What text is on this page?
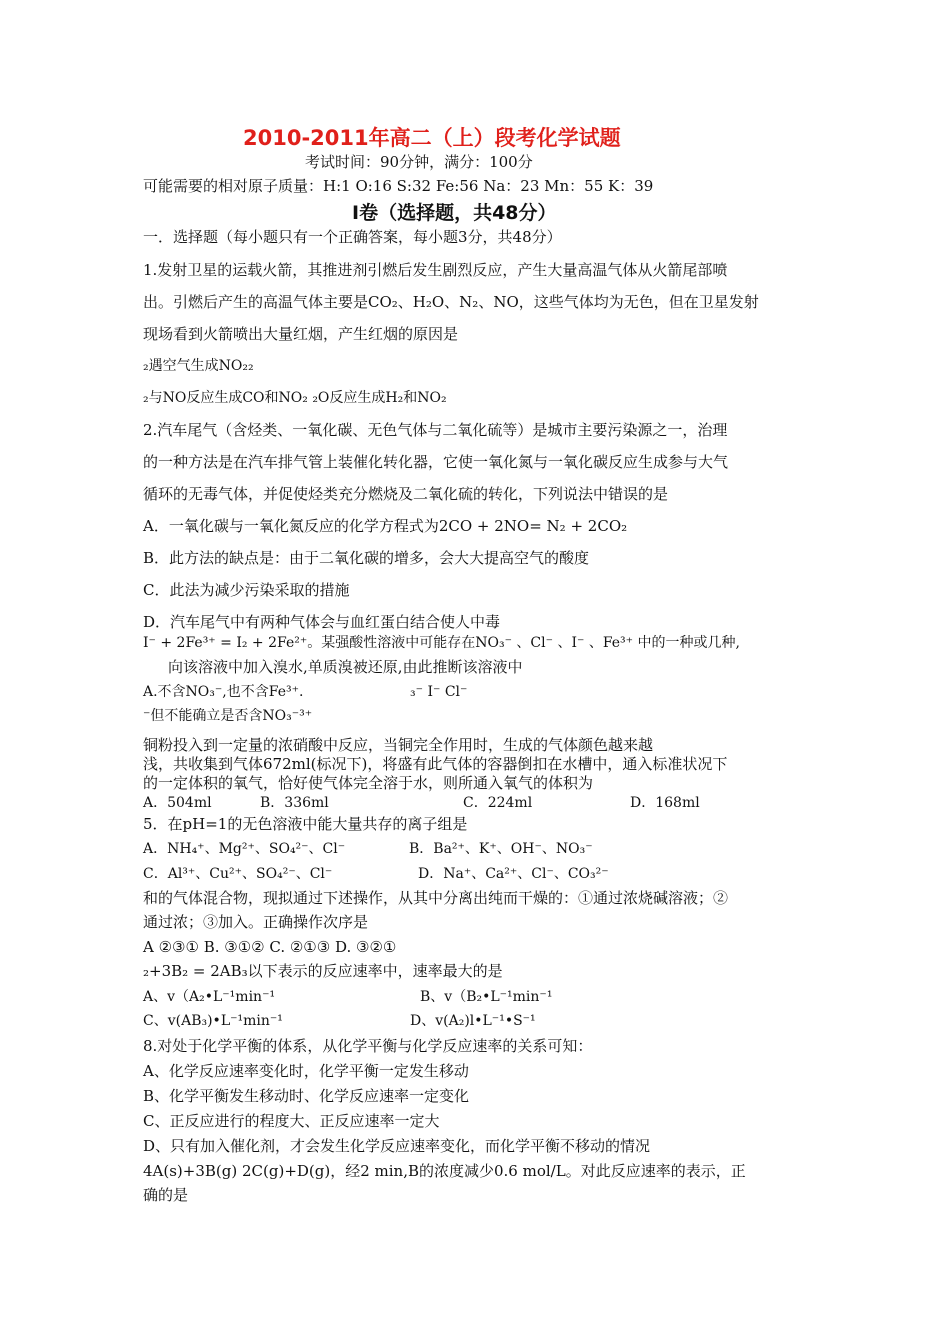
2010-2011年高二（上）段考化学试题
考试时间：90分钟，满分：100分
可能需要的相对原子质量：H:1 O:16 S:32 Fe:56 Na：23 Mn：55 K：39
Ⅰ卷（选择题，共48分）
一．选择题（每小题只有一个正确答案，每小题3分，共48分）
1.发射卫星的运载火箭，其推进剂引燃后发生剧烈反应，产生大量高温气体从火箭尾部喷
出。引燃后产生的高温气体主要是CO₂、H₂O、N₂、NO，这些气体均为无色，但在卫星发射
现场看到火箭喷出大量红烟，产生红烟的原因是
₂遇空气生成NO₂₂
₂与NO反应生成CO和NO₂ ₂O反应生成H₂和NO₂
2.汽车尾气（含烃类、一氧化碳、无色气体与二氧化硫等）是城市主要污染源之一，治理
的一种方法是在汽车排气管上装催化转化器，它使一氧化氮与一氧化碳反应生成参与大气
循环的无毒气体，并促使烃类充分燃烧及二氧化硫的转化，下列说法中错误的是
A．一氧化碳与一氧化氮反应的化学方程式为2CO + 2NO= N₂ + 2CO₂
B．此方法的缺点是：由于二氧化碳的增多，会大大提高空气的酸度
C．此法为减少污染采取的措施
D．汽车尾气中有两种气体会与血红蛋白结合使人中毒
I⁻ + 2Fe³⁺ = I₂ + 2Fe²⁺。某强酸性溶液中可能存在NO₃⁻ 、Cl⁻ 、I⁻ 、Fe³⁺ 中的一种或几种,
向该溶液中加入溴水,单质溴被还原,由此推断该溶液中
A.不含NO₃⁻,也不含Fe³⁺.	₃⁻ I⁻ Cl⁻
⁻但不能确立是否含NO₃⁻³⁺
铜粉投入到一定量的浓硝酸中反应，当铜完全作用时，生成的气体颜色越来越
浅，共收集到气体672ml(标况下)，将盛有此气体的容器倒扣在水槽中，通入标准状况下
的一定体积的氧气，恰好使气体完全溶于水，则所通入氧气的体积为
A．504ml	B．336ml	C．224ml	D．168ml
5．在pH=1的无色溶液中能大量共存的离子组是
A．NH₄⁺、Mg²⁺、SO₄²⁻、Cl⁻	B．Ba²⁺、K⁺、OH⁻、NO₃⁻
C．Al³⁺、Cu²⁺、SO₄²⁻、Cl⁻	D．Na⁺、Ca²⁺、Cl⁻、CO₃²⁻
和的气体混合物，现拟通过下述操作，从其中分离出纯而干燥的：①通过浓烧碱溶液；②
通过浓；③加入。正确操作次序是
A ②③① B. ③①② C. ②①③ D. ③②①
₂+3B₂ = 2AB₃以下表示的反应速率中，速率最大的是
A、v（A₂•L⁻¹min⁻¹	B、v（B₂•L⁻¹min⁻¹
C、v(AB₃)•L⁻¹min⁻¹	D、v(A₂)l•L⁻¹•S⁻¹
8.对处于化学平衡的体系，从化学平衡与化学反应速率的关系可知：
A、化学反应速率变化时，化学平衡一定发生移动
B、化学平衡发生移动时、化学反应速率一定变化
C、正反应进行的程度大、正反应速率一定大
D、只有加入催化剂，才会发生化学反应速率变化，而化学平衡不移动的情况
4A(s)+3B(g) 2C(g)+D(g)，经2 min,B的浓度减少0.6 mol/L。对此反应速率的表示，正
确的是
